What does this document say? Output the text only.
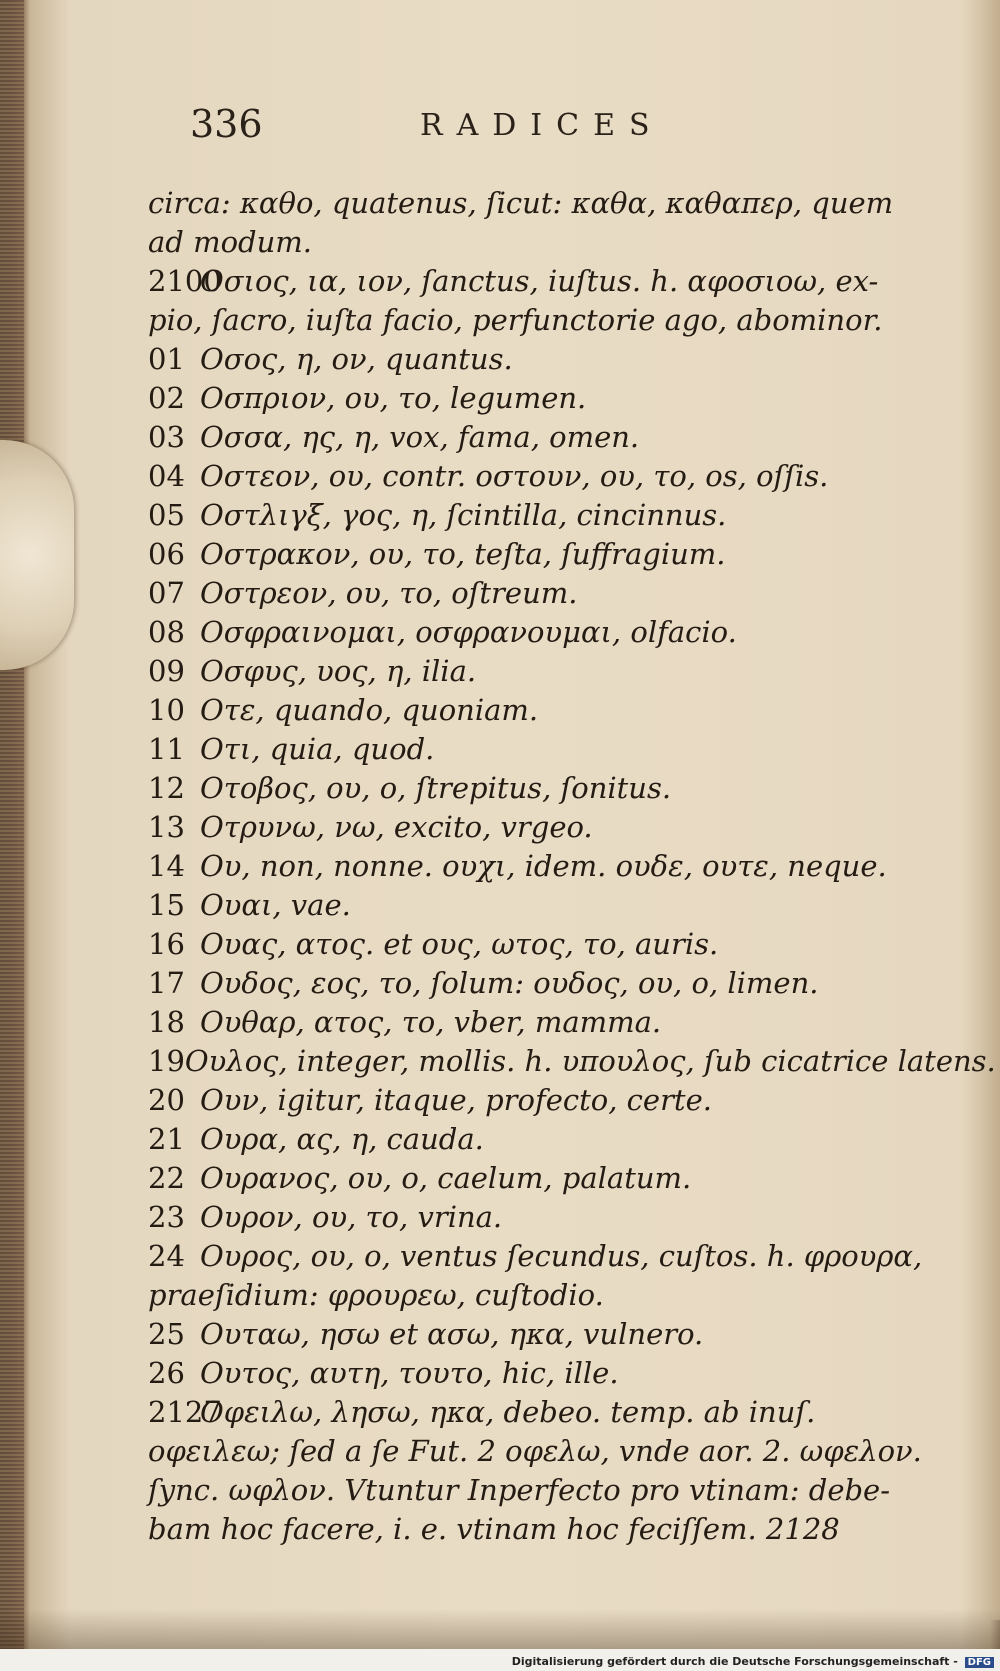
336	RADICES
circa: καθο, quatenus, ſicut: καθα, καθαπερ, quem
ad modum.
2100
Oσιος, ια, ιον, ſanctus, iuſtus. h. αφοσιοω, ex-
pio, ſacro, iuſta facio, perfunctorie ago, abominor.
01 Oσος, η, ον, quantus.
02 Oσπριον, ου, το, legumen.
03 Oσσα, ης, η, vox, fama, omen.
04 Oστεον, ου, contr. οστουν, ου, το, os, oſſis.
05 Oστλιγξ, γος, η, ſcintilla, cincinnus.
06 Oστρακον, ου, το, teſta, ſuffragium.
07 Oστρεον, ου, το, oſtreum.
08 Oσφραινομαι, οσφρανουμαι, olfacio.
09 Oσφυς, υος, η, ilia.
10 Oτε, quando, quoniam.
11 Oτι, quia, quod.
12 Oτοβος, ου, ο, ſtrepitus, ſonitus.
13 Oτρυνω, νω, excito, vrgeo.
14 Oυ, non, nonne. ουχι, idem. ουδε, ουτε, neque.
15 Oυαι, vae.
16 Oυας, ατος. et ους, ωτος, το, auris.
17 Oυδος, εος, το, ſolum: ουδος, ου, ο, limen.
18 Oυθαρ, ατος, το, vber, mamma.
19 Oυλος, integer, mollis. h. υπουλος, ſub cicatrice latens.
20 Oυν, igitur, itaque, profecto, certe.
21 Oυρα, ας, η, cauda.
22 Oυρανος, ου, ο, caelum, palatum.
23 Oυρον, ου, το, vrina.
24 Oυρος, ου, ο, ventus ſecundus, cuſtos. h. φρουρα,
praeſidium: φρουρεω, cuſtodio.
25 Oυταω, ησω et ασω, ηκα, vulnero.
26 Oυτος, αυτη, τουτο, hic, ille.
2127
Oφειλω, λησω, ηκα, debeo. temp. ab inuſ.
οφειλεω; ſed a ſe Fut. 2 οφελω, vnde aor. 2. ωφελον.
ſync. ωφλον. Vtuntur Inperfecto pro vtinam: debe-
bam hoc facere, i. e. vtinam hoc feciſſem. 2128
Digitalisierung gefördert durch die Deutsche Forschungsgemeinschaft - DFG
